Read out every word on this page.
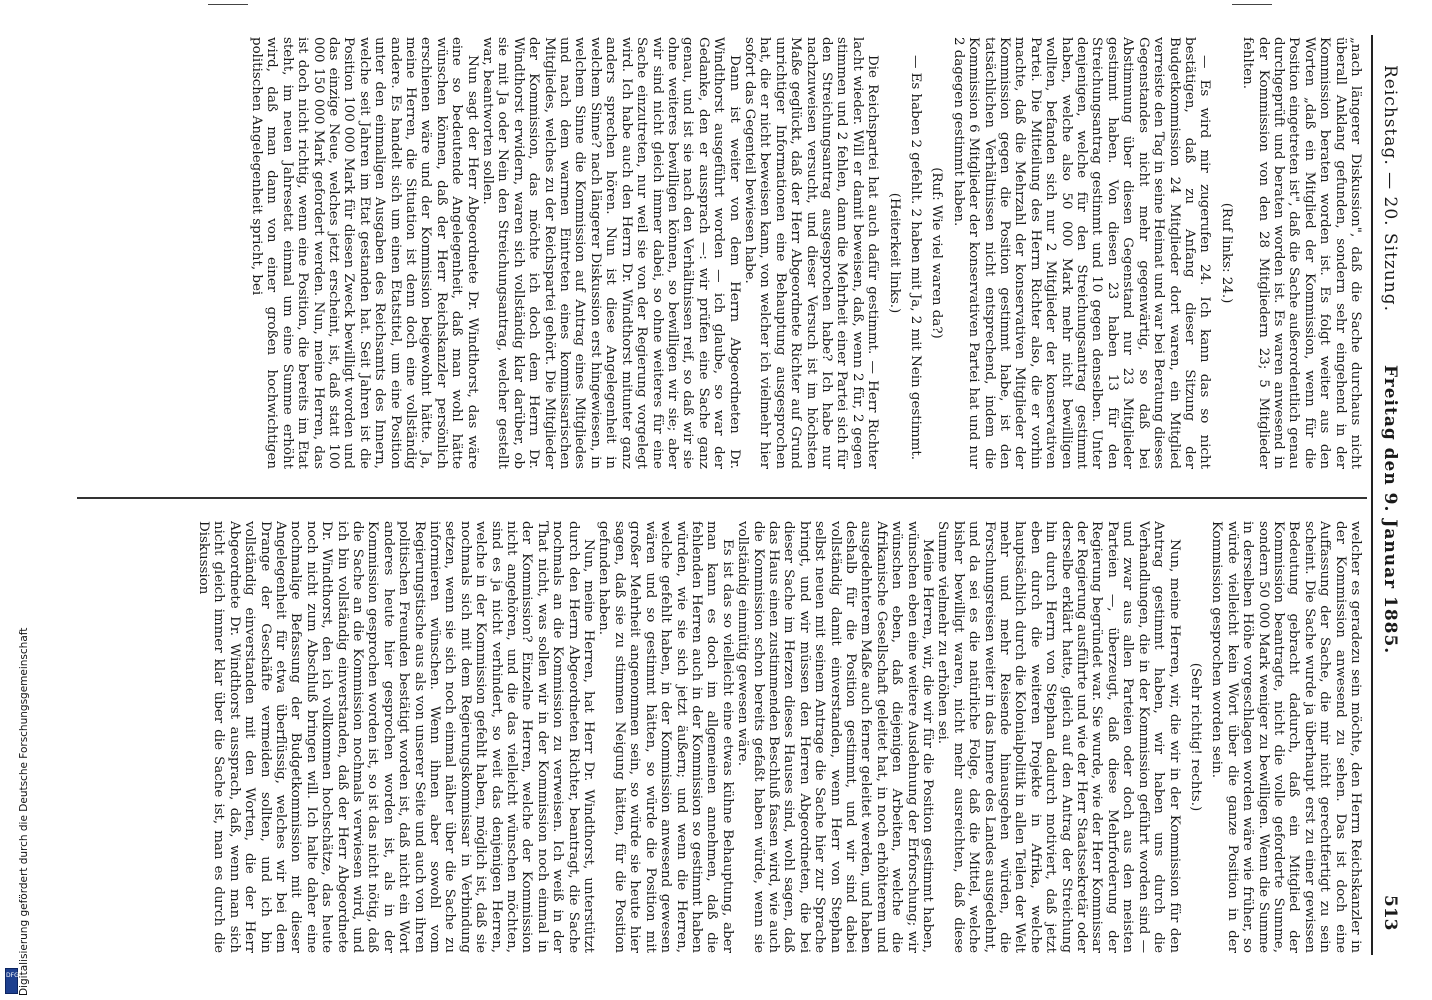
DFG Digitalisierung gefördert durch die Deutsche Forschungsgemeinschaft
Reichstag. — 20. Sitzung.
Freitag den 9. Januar 1885.
513

„nach längerer Diskussion", daß die Sache durchaus nicht überall Anklang gefunden, sondern sehr eingehend in der Kommission beraten worden ist. Es folgt weiter aus den Worten „daß ein Mitglied der Kommission, wenn für die Position eingetreten ist", daß die Sache außerordentlich genau durchgeprüft und beraten worden ist. Es waren anwesend in der Kommission von den 28 Mitgliedern 23; 5 Mitglieder fehlten.

(Ruf links: 24.)

— Es wird mir zugerufen 24. Ich kann das so nicht bestätigen, daß zu Anfang dieser Sitzung der Budgetkommission 24 Mitglieder dort waren, ein Mitglied verreiste den Tag in seine Heimat und war bei Beratung dieses Gegenstandes nicht mehr gegenwärtig, so daß bei Abstimmung über diesen Gegenstand nur 23 Mitglieder gestimmt haben. Von diesen 23 haben 13 für den Streichungsantrag gestimmt und 10 gegen denselben. Unter denjenigen, welche für den Streichungsantrag gestimmt haben, welche also 50 000 Mark mehr nicht bewilligen wollten, befanden sich nur 2 Mitglieder der konservativen Partei. Die Mitteilung des Herrn Richter also, die er vorhin machte, daß die Mehrzahl der konservativen Mitglieder der Kommission gegen die Position gestimmt habe, ist den tatsächlichen Verhältnissen nicht entsprechend, indem die Kommission 6 Mitglieder der konservativen Partei hat und nur 2 dagegen gestimmt haben.

(Ruf: Wie viel waren da?)

— Es haben 2 gefehlt. 2 haben mit Ja, 2 mit Nein gestimmt.

(Heiterkeit links.)

Die Reichspartei hat auch dafür gestimmt. — Herr Richter lacht wieder. Will er damit beweisen, daß, wenn 2 für, 2 gegen stimmen und 2 fehlen, dann die Mehrheit einer Partei sich für den Streichungsantrag ausgesprochen habe? Ich habe nur nachzuweisen versucht, und dieser Versuch ist im höchsten Maße geglückt, daß der Herr Abgeordnete Richter auf Grund unrichtiger Informationen eine Behauptung ausgesprochen hat, die er nicht beweisen kann, von welcher ich vielmehr hier sofort das Gegenteil bewiesen habe.

Dann ist weiter von dem Herrn Abgeordneten Dr. Windthorst ausgeführt worden — ich glaube, so war der Gedanke, den er aussprach —: wir prüfen eine Sache ganz genau, und ist sie nach den Verhältnissen reif, so daß wir sie ohne weiteres bewilligen können, so bewilligen wir sie; aber wir sind nicht gleich immer dabei, so ohne weiteres für eine Sache einzutreten, nur weil sie von der Regierung vorgelegt wird. Ich habe auch den Herrn Dr. Windthorst mitunter ganz anders sprechen hören. Nun ist diese Angelegenheit in welchem Sinne? nach längerer Diskussion erst hingewiesen, in welchem Sinne die Kommission auf Antrag eines Mitgliedes und nach dem warmen Eintreten eines kommissarischen Mitgliedes, welches zu der Reichspartei gehört. Die Mitglieder der Kommission, das möchte ich doch dem Herrn Dr. Windthorst erwidern, waren sich vollständig klar darüber, ob sie mit Ja oder Nein den Streichungsantrag, welcher gestellt war, beantworten sollen.

Nun sagt der Herr Abgeordnete Dr. Windthorst, das wäre eine so bedeutende Angelegenheit, daß man wohl hätte wünschen können, daß der Herr Reichskanzler persönlich erschienen wäre und der Kommission beigewohnt hätte. Ja, meine Herren, die Situation ist denn doch eine vollständig andere. Es handelt sich um einen Etatstitel, um eine Position unter den einmaligen Ausgaben des Reichsamts des Innern, welche seit Jahren im Etat gestanden hat. Seit Jahren ist die Position 100 000 Mark für diesen Zweck bewilligt worden und das einzige Neue, welches jetzt erscheint, ist, daß statt 100 000 150 000 Mark gefordert werden. Nun, meine Herren, das ist doch nicht richtig, wenn eine Position, die bereits im Etat steht, im neuen Jahresetat einmal um eine Summe erhöht wird, daß man dann von einer großen hochwichtigen politischen Angelegenheit spricht, bei

welcher es geradezu sein möchte, den Herrn Reichskanzler in der Kommission anwesend zu sehen. Das ist doch eine Auffassung der Sache, die mir nicht gerechtfertigt zu sein scheint. Die Sache wurde ja überhaupt erst zu einer gewissen Bedeutung gebracht dadurch, daß ein Mitglied der Kommission beantragte, nicht die volle geforderte Summe, sondern 50 000 Mark weniger zu bewilligen. Wenn die Summe in derselben Höhe vorgeschlagen worden wäre wie früher, so würde vielleicht kein Wort über die ganze Position in der Kommission gesprochen worden sein.

(Sehr richtig! rechts.)

Nun, meine Herren, wir, die wir in der Kommission für den Antrag gestimmt haben, wir haben uns durch die Verhandlungen, die in der Kommission geführt worden sind — und zwar aus allen Parteien oder doch aus den meisten Parteien —, überzeugt, daß diese Mehrforderung der Regierung begründet war. Sie wurde, wie der Herr Kommissar der Regierung ausführte und wie der Herr Staatssekretär oder derselbe erklärt hatte, gleich auf den Antrag der Streichung hin durch Herrn von Stephan dadurch motiviert, daß jetzt eben durch die weiteren Projekte in Afrika, welche hauptsächlich durch die Kolonialpolitik in allen Teilen der Welt mehr und mehr Reisende hinausgehen würden, die Forschungsreisen weiter in das Innere des Landes ausgedehnt, und da sei es die natürliche Folge, daß die Mittel, welche bisher bewilligt waren, nicht mehr ausreichten, daß diese Summe vielmehr zu erhöhen sei.

Meine Herren, wir, die wir für die Position gestimmt haben, wünschen eben eine weitere Ausdehnung der Erforschung; wir wünschen eben, daß diejenigen Arbeiten, welche die Afrikanische Gesellschaft geleitet hat, in noch erhöhterem und ausgedehnterem Maße auch ferner geleitet werden, und haben deshalb für die Position gestimmt, und wir sind dabei vollständig damit einverstanden, wenn Herr von Stephan selbst neuen mit seinem Antrage die Sache hier zur Sprache bringt, und wir müssen den Herren Abgeordneten, die bei dieser Sache im Herzen dieses Hauses sind, wohl sagen, daß das Haus einen zustimmenden Beschluß fassen wird, wie auch die Kommission schon bereits gefaßt haben würde, wenn sie vollständig einmütig gewesen wäre.

Es ist das so vielleicht eine etwas kühne Behauptung, aber man kann es doch im allgemeinen annehmen, daß die fehlenden Herren auch in der Kommission so gestimmt haben würden, wie sie sich jetzt äußern; und wenn die Herren, welche gefehlt haben, in der Kommission anwesend gewesen wären und so gestimmt hätten, so würde die Position mit großer Mehrheit angenommen sein, so würde sie heute hier sagen, daß sie zu stimmen Neigung hätten, für die Position gefunden haben.

Nun, meine Herren, hat Herr Dr. Windthorst, unterstützt durch den Herrn Abgeordneten Richter, beantragt, die Sache nochmals an die Kommission zu verweisen. Ich weiß in der That nicht, was sollen wir in der Kommission noch einmal in der Kommission? Einzelne Herren, welche der Kommission nicht angehören, und die das vielleicht wünschen möchten, sind es ja nicht verhindert, so weit das denjenigen Herren, welche in der Kommission gefehlt haben, möglich ist, daß sie nochmals sich mit dem Regierungskommissar in Verbindung setzen, wenn sie sich noch einmal näher über die Sache zu informieren wünschen. Wenn ihnen aber sowohl vom Regierungstische aus als von unserer Seite und auch von ihren politischen Freunden bestätigt worden ist, daß nicht ein Wort anderes heute hier gesprochen worden ist, als in der Kommission gesprochen worden ist, so ist das nicht nötig, daß die Sache an die Kommission nochmals verwiesen wird, und ich bin vollständig einverstanden, daß der Herr Abgeordnete Dr. Windthorst, den ich vollkommen hochschätze, das heute noch nicht zum Abschluß bringen will. Ich halte daher eine nochmalige Befassung der Budgetkommission mit dieser Angelegenheit für etwa überflüssig, welches wir bei dem Drange der Geschäfte vermeiden sollten, und ich bin vollständig einverstanden mit den Worten, die der Herr Abgeordnete Dr. Windthorst aussprach, daß, wenn man sich nicht gleich immer klar über die Sache ist, man es durch die Diskussion
